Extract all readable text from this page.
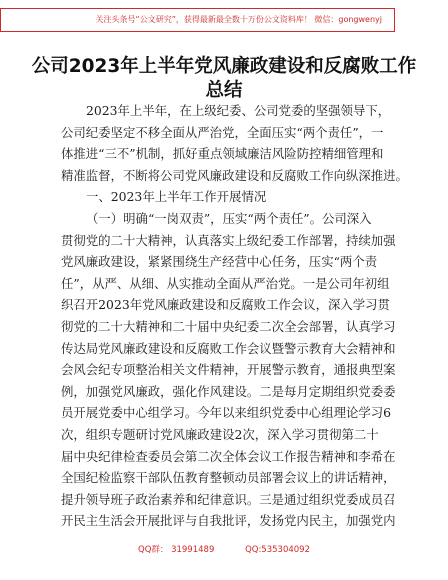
关注头条号“公文研究”，获得最新最全数十万份公文资料库！ 微信：gongwenyj
公司2023年上半年党风廉政建设和反腐败工作
总结
2023年上半年，在上级纪委、公司党委的坚强领导下，
公司纪委坚定不移全面从严治党，全面压实“两个责任”，一
体推进“三不”机制，抓好重点领域廉洁风险防控精细管理和
精准监督，不断将公司党风廉政建设和反腐败工作向纵深推进。
一、2023年上半年工作开展情况
（一）明确“一岗双责”，压实“两个责任”。公司深入
贯彻党的二十大精神，认真落实上级纪委工作部署，持续加强
党风廉政建设，紧紧围绕生产经营中心任务，压实“两个责
任”，从严、从细、从实推动全面从严治党。一是公司年初组
织召开2023年党风廉政建设和反腐败工作会议，深入学习贯
彻党的二十大精神和二十届中央纪委二次全会部署，认真学习
传达局党风廉政建设和反腐败工作会议暨警示教育大会精神和
会风会纪专项整治相关文件精神，开展警示教育，通报典型案
例，加强党风廉政，强化作风建设。二是每月定期组织党委委
员开展党委中心组学习。今年以来组织党委中心组理论学习6
次，组织专题研讨党风廉政建设2次，深入学习贯彻第二十
届中央纪律检查委员会第二次全体会议工作报告精神和李希在
全国纪检监察干部队伍教育整顿动员部署会议上的讲话精神，
提升领导班子政治素养和纪律意识。三是通过组织党委成员召
开民主生活会开展批评与自我批评，发扬党内民主，加强党内
QQ群： 31991489	QQ:535304092
